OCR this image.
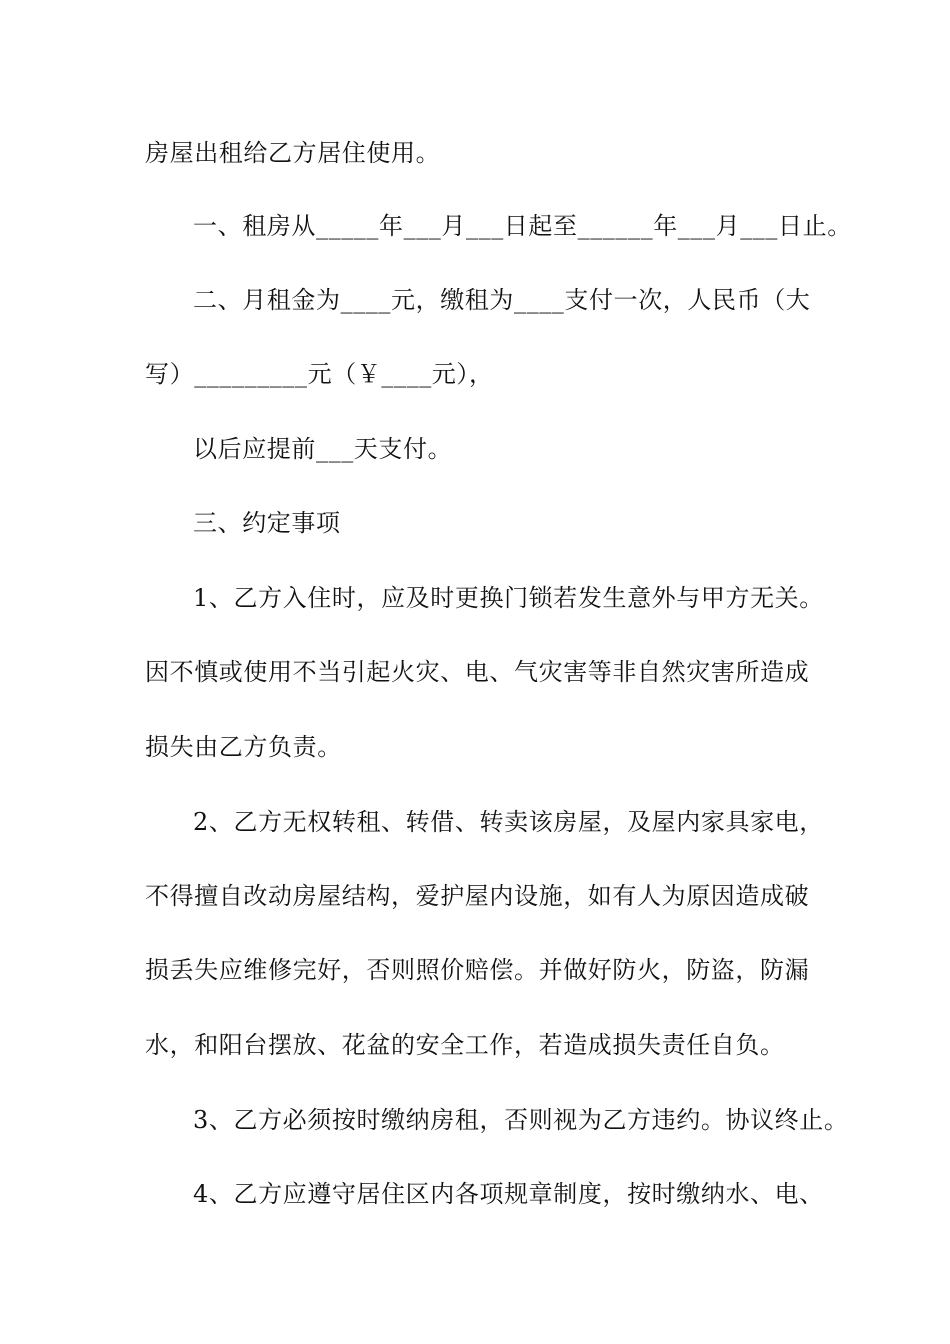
房屋出租给乙方居住使用。
一、租房从_____年___月___日起至______年___月___日止。
二、月租金为____元，缴租为____支付一次，人民币（大
写）_________元（￥____元），
以后应提前___天支付。
三、约定事项
1、乙方入住时，应及时更换门锁若发生意外与甲方无关。
因不慎或使用不当引起火灾、电、气灾害等非自然灾害所造成
损失由乙方负责。
2、乙方无权转租、转借、转卖该房屋，及屋内家具家电，
不得擅自改动房屋结构，爱护屋内设施，如有人为原因造成破
损丢失应维修完好，否则照价赔偿。并做好防火，防盗，防漏
水，和阳台摆放、花盆的安全工作，若造成损失责任自负。
3、乙方必须按时缴纳房租，否则视为乙方违约。协议终止。
4、乙方应遵守居住区内各项规章制度，按时缴纳水、电、
